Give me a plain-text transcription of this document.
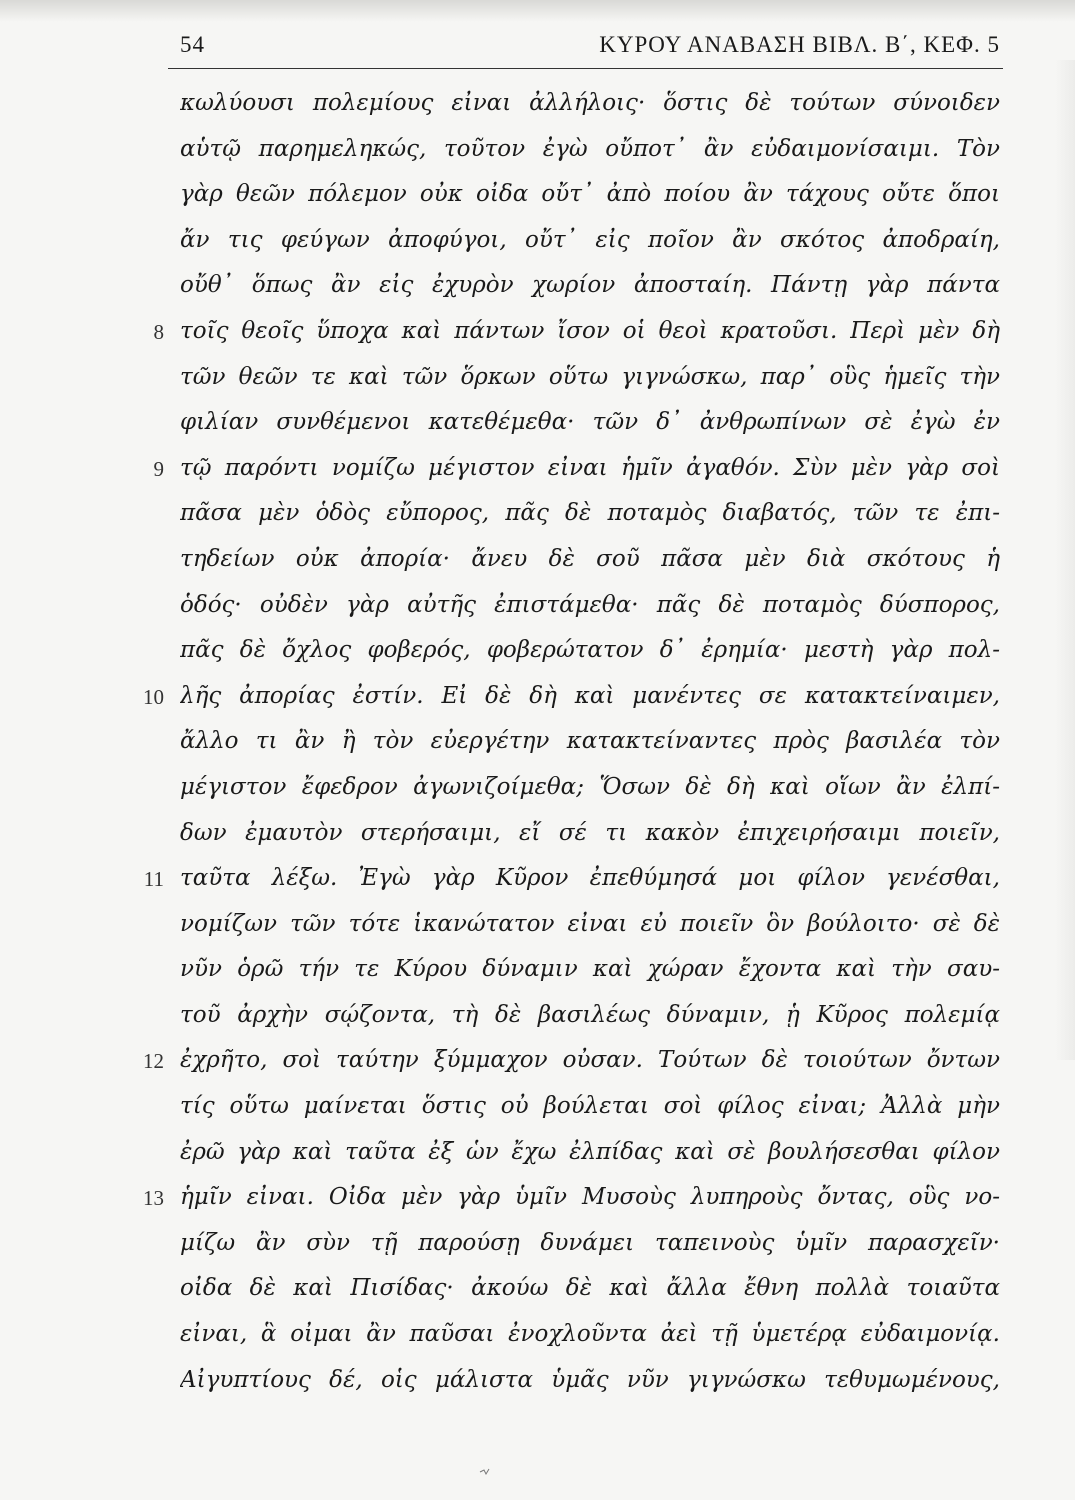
54	ΚΥΡΟΥ ΑΝΑΒΑΣΗ ΒΙΒΛ. Β΄, ΚΕΦ. 5
κωλύουσι πολεμίους εἶναι ἀλλήλοις· ὅστις δὲ τούτων σύνοιδεν
αὑτῷ παρημεληκώς, τοῦτον ἐγὼ οὔποτ᾽ ἂν εὐδαιμονίσαιμι. Τὸν
γὰρ θεῶν πόλεμον οὐκ οἶδα οὔτ᾽ ἀπὸ ποίου ἂν τάχους οὔτε ὅποι
ἄν τις φεύγων ἀποφύγοι, οὔτ᾽ εἰς ποῖον ἂν σκότος ἀποδραίη,
οὔθ᾽ ὅπως ἂν εἰς ἐχυρὸν χωρίον ἀποσταίη. Πάντῃ γὰρ πάντα
8 τοῖς θεοῖς ὕποχα καὶ πάντων ἴσον οἱ θεοὶ κρατοῦσι. Περὶ μὲν δὴ
τῶν θεῶν τε καὶ τῶν ὅρκων οὕτω γιγνώσκω, παρ᾽ οὓς ἡμεῖς τὴν
φιλίαν συνθέμενοι κατεθέμεθα· τῶν δ᾽ ἀνθρωπίνων σὲ ἐγὼ ἐν
9 τῷ παρόντι νομίζω μέγιστον εἶναι ἡμῖν ἀγαθόν. Σὺν μὲν γὰρ σοὶ
πᾶσα μὲν ὁδὸς εὔπορος, πᾶς δὲ ποταμὸς διαβατός, τῶν τε ἐπι-
τηδείων οὐκ ἀπορία· ἄνευ δὲ σοῦ πᾶσα μὲν διὰ σκότους ἡ
ὁδός· οὐδὲν γὰρ αὐτῆς ἐπιστάμεθα· πᾶς δὲ ποταμὸς δύσπορος,
πᾶς δὲ ὄχλος φοβερός, φοβερώτατον δ᾽ ἐρημία· μεστὴ γὰρ πολ-
10 λῆς ἀπορίας ἐστίν. Εἰ δὲ δὴ καὶ μανέντες σε κατακτείναιμεν,
ἄλλο τι ἂν ἢ τὸν εὐεργέτην κατακτείναντες πρὸς βασιλέα τὸν
μέγιστον ἔφεδρον ἀγωνιζοίμεθα; Ὅσων δὲ δὴ καὶ οἵων ἂν ἐλπί-
δων ἐμαυτὸν στερήσαιμι, εἴ σέ τι κακὸν ἐπιχειρήσαιμι ποιεῖν,
11 ταῦτα λέξω. Ἐγὼ γὰρ Κῦρον ἐπεθύμησά μοι φίλον γενέσθαι,
νομίζων τῶν τότε ἱκανώτατον εἶναι εὖ ποιεῖν ὃν βούλοιτο· σὲ δὲ
νῦν ὁρῶ τήν τε Κύρου δύναμιν καὶ χώραν ἔχοντα καὶ τὴν σαυ-
τοῦ ἀρχὴν σῴζοντα, τὴ δὲ βασιλέως δύναμιν, ᾗ Κῦρος πολεμίᾳ
12 ἐχρῆτο, σοὶ ταύτην ξύμμαχον οὖσαν. Τούτων δὲ τοιούτων ὄντων
τίς οὕτω μαίνεται ὅστις οὐ βούλεται σοὶ φίλος εἶναι; Ἀλλὰ μὴν
ἐρῶ γὰρ καὶ ταῦτα ἐξ ὧν ἔχω ἐλπίδας καὶ σὲ βουλήσεσθαι φίλον
13 ἡμῖν εἶναι. Οἶδα μὲν γὰρ ὑμῖν Μυσοὺς λυπηροὺς ὄντας, οὓς νο-
μίζω ἂν σὺν τῇ παρούσῃ δυνάμει ταπεινοὺς ὑμῖν παρασχεῖν·
οἶδα δὲ καὶ Πισίδας· ἀκούω δὲ καὶ ἄλλα ἔθνη πολλὰ τοιαῦτα
εἶναι, ἃ οἶμαι ἂν παῦσαι ἐνοχλοῦντα ἀεὶ τῇ ὑμετέρᾳ εὐδαιμονίᾳ.
Αἰγυπτίους δέ, οἷς μάλιστα ὑμᾶς νῦν γιγνώσκω τεθυμωμένους,
